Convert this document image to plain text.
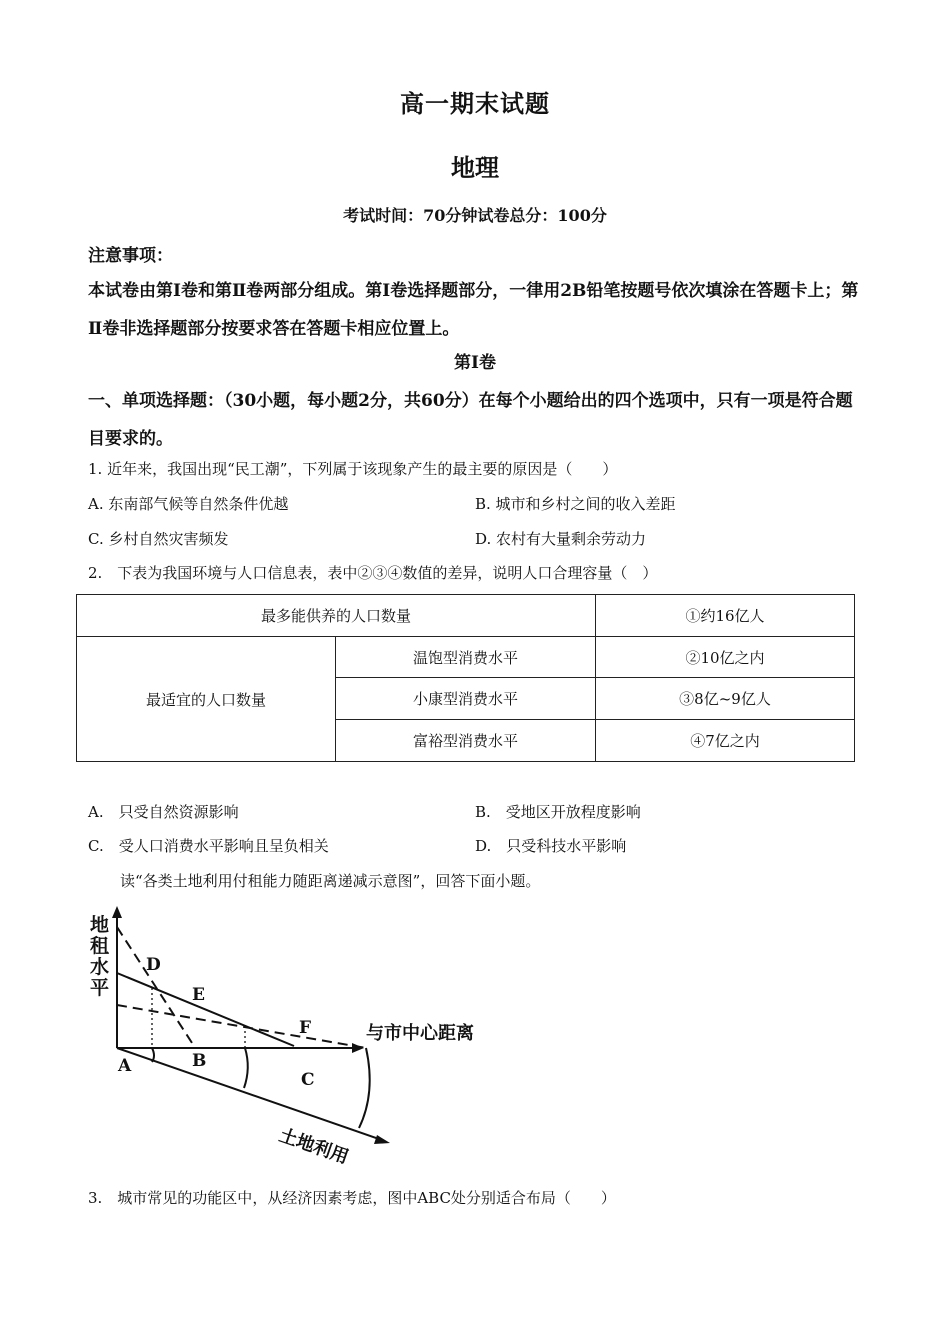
高一期末试题
地理
考试时间：70分钟试卷总分：100分
注意事项：
本试卷由第Ⅰ卷和第Ⅱ卷两部分组成。第Ⅰ卷选择题部分，一律用2B铅笔按题号依次填涂在答题卡上；第Ⅱ卷非选择题部分按要求答在答题卡相应位置上。
第Ⅰ卷
一、单项选择题：（30小题，每小题2分，共60分）在每个小题给出的四个选项中，只有一项是符合题目要求的。
1. 近年来，我国出现“民工潮”，下列属于该现象产生的最主要的原因是（　　）
A. 东南部气候等自然条件优越	B. 城市和乡村之间的收入差距
C. 乡村自然灾害频发	D. 农村有大量剩余劳动力
2.　下表为我国环境与人口信息表，表中②③④数值的差异，说明人口合理容量（　）
最多能供养的人口数量		①约16亿人
最适宜的人口数量	温饱型消费水平	②10亿之内
	小康型消费水平	③8亿~9亿人
	富裕型消费水平	④7亿之内
A.　只受自然资源影响	B.　受地区开放程度影响
C.　受人口消费水平影响且呈负相关	D.　只受科技水平影响
读“各类土地利用付租能力随距离递减示意图”，回答下面小题。
地
租
水
平
与市中心距离
土地利用
D
E
F
A	B
C
3.　城市常见的功能区中，从经济因素考虑，图中ABC处分别适合布局（　　）
